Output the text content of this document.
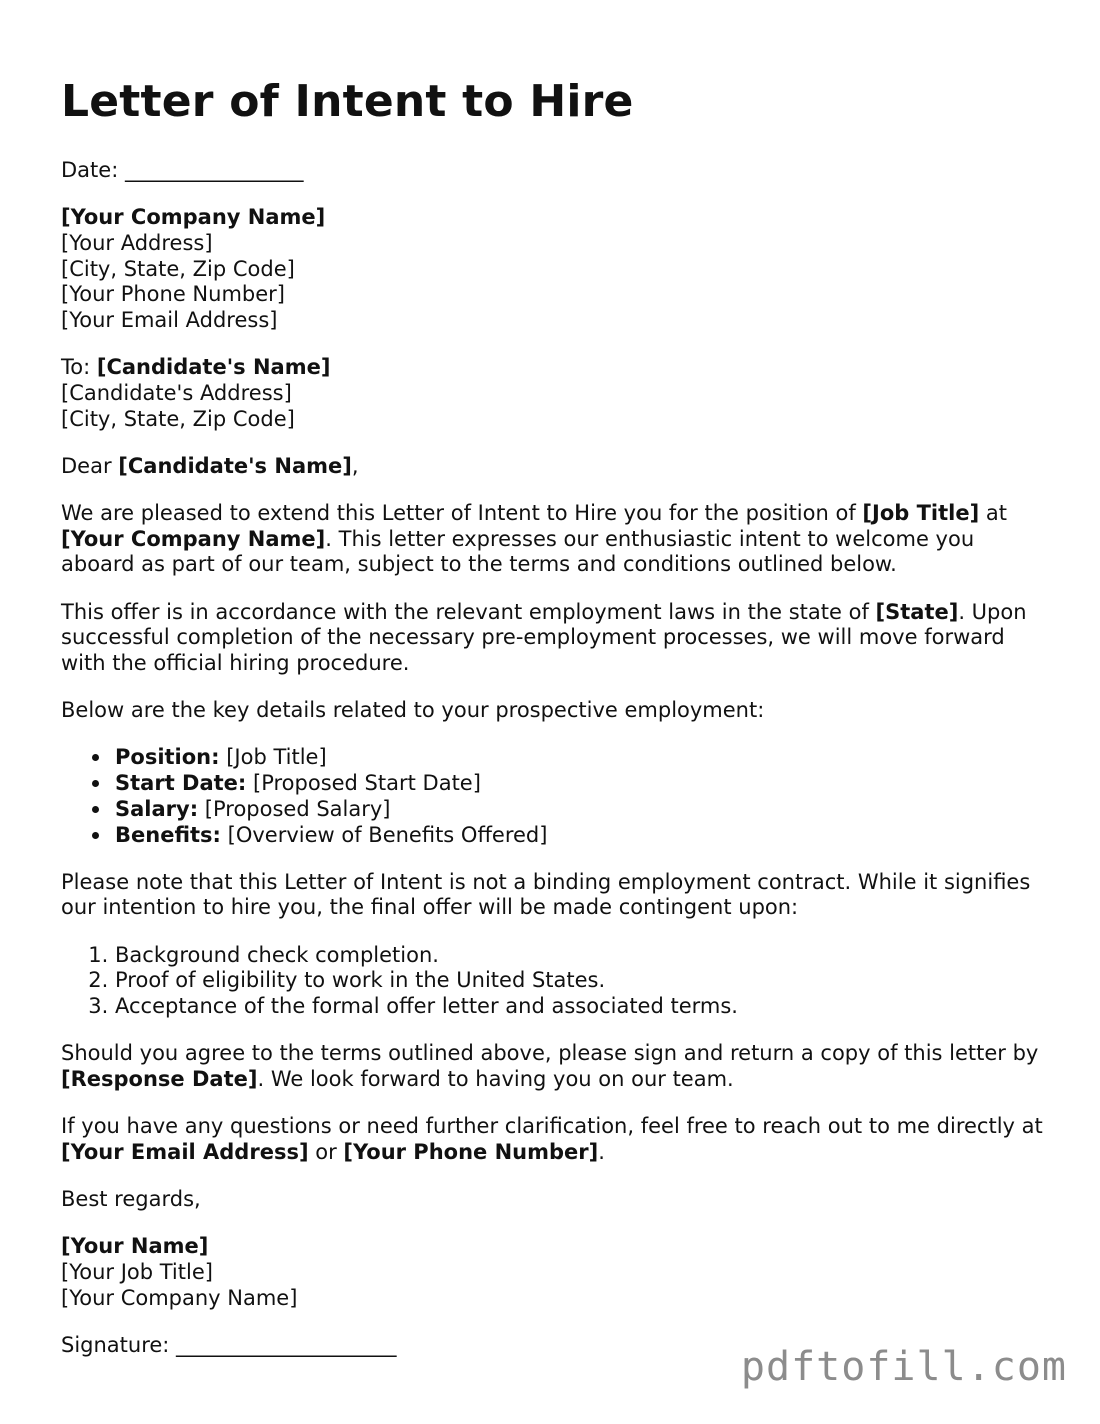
Letter of Intent to Hire

Date: _________________

[Your Company Name]
[Your Address]
[City, State, Zip Code]
[Your Phone Number]
[Your Email Address]

To: [Candidate's Name]
[Candidate's Address]
[City, State, Zip Code]

Dear [Candidate's Name],

We are pleased to extend this Letter of Intent to Hire you for the position of [Job Title] at [Your Company Name]. This letter expresses our enthusiastic intent to welcome you aboard as part of our team, subject to the terms and conditions outlined below.

This offer is in accordance with the relevant employment laws in the state of [State]. Upon successful completion of the necessary pre-employment processes, we will move forward with the official hiring procedure.

Below are the key details related to your prospective employment:

Position: [Job Title]
Start Date: [Proposed Start Date]
Salary: [Proposed Salary]
Benefits: [Overview of Benefits Offered]

Please note that this Letter of Intent is not a binding employment contract. While it signifies our intention to hire you, the final offer will be made contingent upon:

1. Background check completion.
2. Proof of eligibility to work in the United States.
3. Acceptance of the formal offer letter and associated terms.

Should you agree to the terms outlined above, please sign and return a copy of this letter by [Response Date]. We look forward to having you on our team.

If you have any questions or need further clarification, feel free to reach out to me directly at [Your Email Address] or [Your Phone Number].

Best regards,

[Your Name]
[Your Job Title]
[Your Company Name]

Signature: _____________________	pdftofill.com
